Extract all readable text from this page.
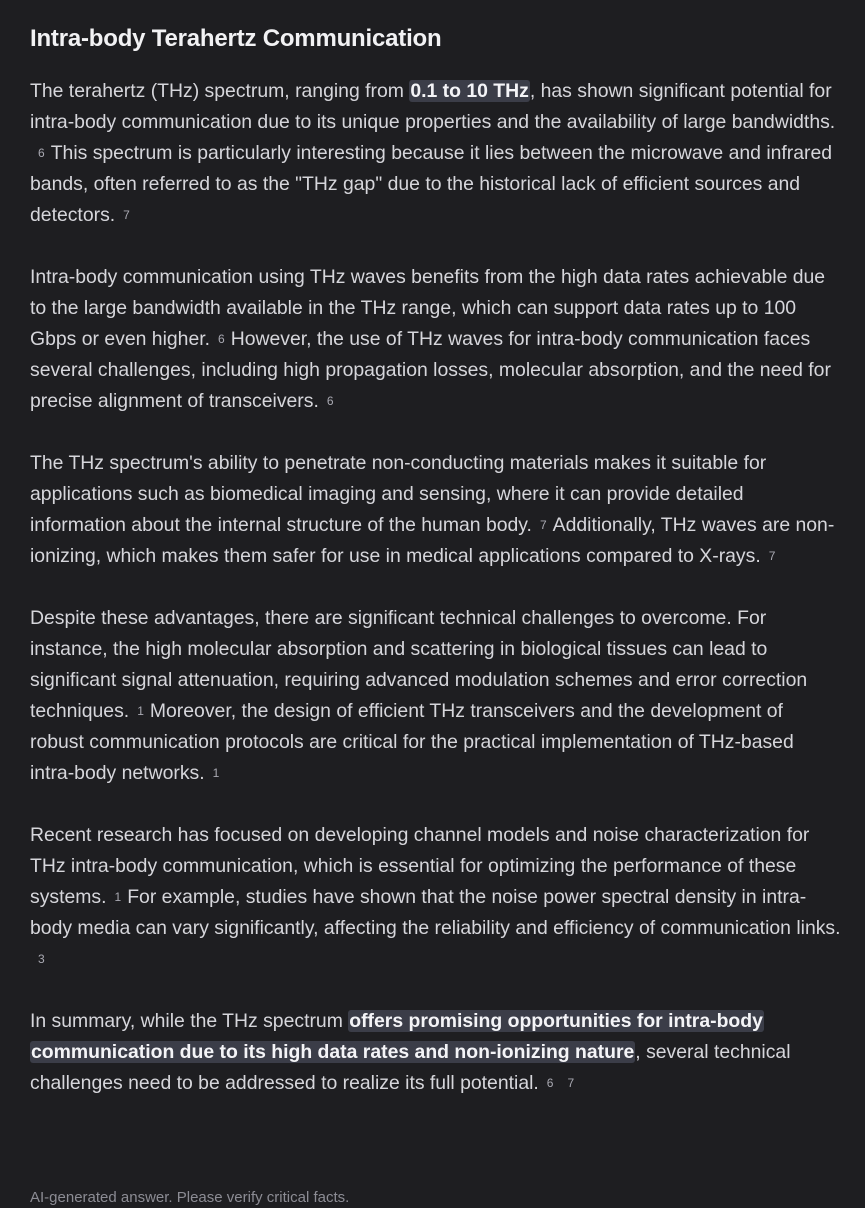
Intra-body Terahertz Communication

The terahertz (THz) spectrum, ranging from 0.1 to 10 THz, has shown significant potential for intra-body communication due to its unique properties and the availability of large bandwidths.6 This spectrum is particularly interesting because it lies between the microwave and infrared bands, often referred to as the "THz gap" due to the historical lack of efficient sources and detectors. 7

Intra-body communication using THz waves benefits from the high data rates achievable due to the large bandwidth available in the THz range, which can support data rates up to 100 Gbps or even higher. 6 However, the use of THz waves for intra-body communication faces several challenges, including high propagation losses, molecular absorption, and the need for precise alignment of transceivers. 6

The THz spectrum's ability to penetrate non-conducting materials makes it suitable for applications such as biomedical imaging and sensing, where it can provide detailed information about the internal structure of the human body. 7 Additionally, THz waves are non-ionizing, which makes them safer for use in medical applications compared to X-rays. 7

Despite these advantages, there are significant technical challenges to overcome. For instance, the high molecular absorption and scattering in biological tissues can lead to significant signal attenuation, requiring advanced modulation schemes and error correction techniques. 1 Moreover, the design of efficient THz transceivers and the development of robust communication protocols are critical for the practical implementation of THz-based intra-body networks. 1

Recent research has focused on developing channel models and noise characterization for THz intra-body communication, which is essential for optimizing the performance of these systems. 1 For example, studies have shown that the noise power spectral density in intra-body media can vary significantly, affecting the reliability and efficiency of communication links.3

In summary, while the THz spectrum offers promising opportunities for intra-body communication due to its high data rates and non-ionizing nature, several technical challenges need to be addressed to realize its full potential. 6 7

AI-generated answer. Please verify critical facts.
